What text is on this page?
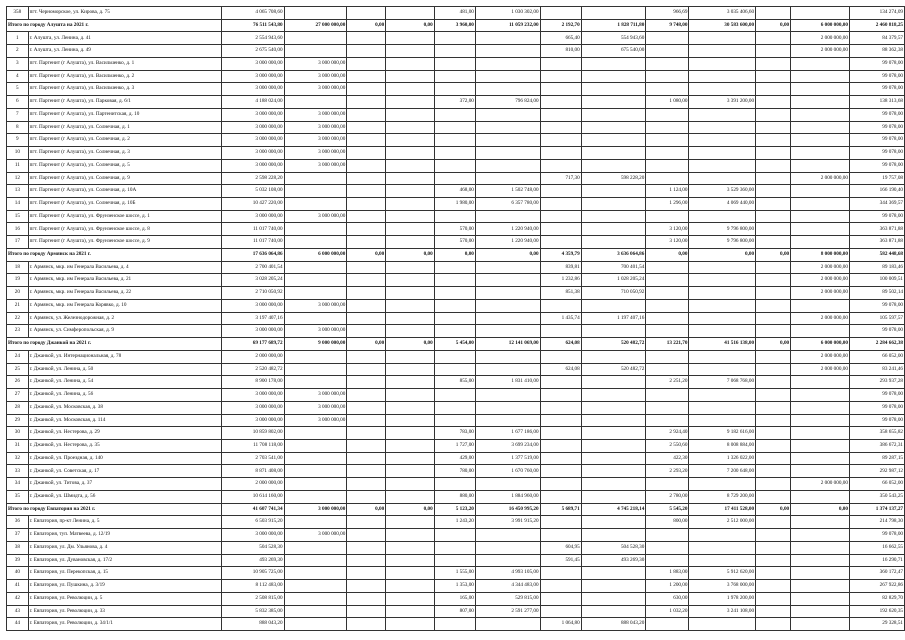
358	пгт. Черноморское, ул. Кирова, д. 75	4 065 708,60				481,00	1 030 302,00			966,69	3 035 406,60			134 274,09
Итого по городу Алушта на 2021 г.		76 511 543,80	27 000 000,00	0,00	0,00	3 960,00	11 059 232,00	2 192,70	1 828 711,80	9 748,00	30 583 600,00	0,00	6 000 000,00	2 460 818,25
1	г. Алушта, ул. Ленина, д. 41	2 554 943,60						665,40	554 943,60				2 000 000,00	84 379,57
2	г. Алушта, ул. Ленина, д. 49	2 675 540,00						810,00	675 540,00				2 000 000,00	88 362,38
3	пгт. Партенит (г Алушта), ул. Васильченко, д. 1	3 000 000,00	3 000 000,00											99 078,00
4	пгт. Партенит (г Алушта), ул. Васильченко, д. 2	3 000 000,00	3 000 000,00											99 078,00
5	пгт. Партенит (г Алушта), ул. Васильченко, д. 3	3 000 000,00	3 000 000,00											99 078,00
6	пгт. Партенит (г Алушта), ул. Парковая, д. 6/1	4 188 024,00				372,00	796 824,00			1 080,00	3 391 200,00			138 313,68
7	пгт. Партенит (г Алушта), ул. Партенитская, д. 10	3 000 000,00	3 000 000,00											99 078,00
8	пгт. Партенит (г Алушта), ул. Солнечная, д. 1	3 000 000,00	3 000 000,00											99 078,00
9	пгт. Партенит (г Алушта), ул. Солнечная, д. 2	3 000 000,00	3 000 000,00											99 078,00
10	пгт. Партенит (г Алушта), ул. Солнечная, д. 3	3 000 000,00	3 000 000,00											99 078,00
11	пгт. Партенит (г Алушта), ул. Солнечная, д. 5	3 000 000,00	3 000 000,00											99 078,00
12	пгт. Партенит (г Алушта), ул. Солнечная, д. 9	2 598 228,20						717,30	598 228,20				2 000 000,00	19 757,08
13	пгт. Партенит (г Алушта), ул. Солнечная, д. 10А	5 032 108,00				468,00	1 502 748,00			1 124,00	3 529 360,00			166 190,40
14	пгт. Партенит (г Алушта), ул. Солнечная, д. 10Б	10 427 220,00				1 980,00	6 357 780,00			1 296,00	4 069 440,00			344 369,57
15	пгт. Партенит (г Алушта), ул. Фрунзенское шоссе, д. 1	3 000 000,00	3 000 000,00											99 078,00
16	пгт. Партенит (г Алушта), ул. Фрунзенское шоссе, д. 8	11 017 740,00				570,00	1 220 940,00			3 120,00	9 796 800,00			363 871,88
17	пгт. Партенит (г Алушта), ул. Фрунзенское шоссе, д. 9	11 017 740,00				570,00	1 220 940,00			3 120,00	9 796 800,00			363 871,88
Итого по городу Армянск на 2021 г.		17 636 064,86	6 000 000,00	0,00	0,00	0,00	0,00	4 359,79	3 636 064,86	0,00	0,00	0,00	8 000 000,00	582 448,68
18	г. Армянск, мкр. им Генерала Васильева, д. 4	2 700 401,54						839,81	700 401,54				2 000 000,00	89 183,46
19	г. Армянск, мкр. им Генерала Васильева, д. 21	3 028 205,24						1 232,86	1 028 205,24				2 000 000,00	100 009,51
20	г. Армянск, мкр. им Генерала Васильева, д. 22	2 710 050,92						851,38	710 050,92				2 000 000,00	89 502,14
21	г. Армянск, мкр. им Генерала Корявко, д. 10	3 000 000,00	3 000 000,00											99 078,00
22	г. Армянск, ул. Железнодорожная, д. 2	3 197 407,16						1 435,74	1 197 407,16				2 000 000,00	105 597,57
23	г. Армянск, ул. Симферопольская, д. 9	3 000 000,00	3 000 000,00											99 078,00
Итого по городу Джанкой на 2021 г.		69 177 689,72	9 000 000,00	0,00	0,00	5 454,00	12 141 069,00	624,08	520 482,72	13 221,70	41 516 138,00	0,00	6 000 000,00	2 284 662,38
24	г. Джанкой, ул. Интернациональная, д. 78	2 000 000,00											2 000 000,00	66 052,00
25	г. Джанкой, ул. Ленина, д. 50	2 520 482,72						624,08	520 482,72				2 000 000,00	83 241,46
26	г. Джанкой, ул. Ленина, д. 54	8 900 178,00				855,00	1 831 410,00			2 251,20	7 068 768,00			293 937,28
27	г. Джанкой, ул. Ленина, д. 56	3 000 000,00	3 000 000,00											99 078,00
28	г. Джанкой, ул. Московская, д. 38	3 000 000,00	3 000 000,00											99 078,00
29	г. Джанкой, ул. Московская, д. 114	3 000 000,00	3 000 000,00											99 078,00
30	г. Джанкой, ул. Нестерова, д. 29	10 859 802,00				783,00	1 677 186,00			2 924,40	9 182 616,00			358 655,82
31	г. Джанкой, ул. Нестерова, д. 35	11 708 118,00				1 727,00	3 699 234,00			2 550,60	8 008 884,00			386 672,31
32	г. Джанкой, ул. Проездная, д. 140	2 703 541,00				429,00	1 377 519,00			422,30	1 326 022,00			89 287,15
33	г. Джанкой, ул. Советская, д. 17	8 871 408,00				780,00	1 670 760,00			2 293,20	7 200 648,00			292 987,12
34	г. Джанкой, ул. Титова, д. 37	2 000 000,00											2 000 000,00	66 052,00
35	г. Джанкой, ул. Шмидта, д. 56	10 614 160,00				880,00	1 884 960,00			2 780,00	8 729 200,00			350 543,25
Итого по городу Евпатория на 2021 г.		41 607 741,34	3 000 000,00	0,00	0,00	5 123,20	16 450 995,20	5 689,71	4 745 218,14	5 545,20	17 411 528,00	0,00	0,00	1 374 137,27
36	г. Евпатория, пр-кт Ленина, д. 5	6 503 915,20				1 243,20	3 991 915,20			800,00	2 512 000,00			214 798,30
37	г. Евпатория, туп. Матвеева, д. 12/19	3 000 000,00	3 000 000,00											99 078,00
38	г. Евпатория, ул. Дм. Ульянова, д. 4	504 528,30						604,95	504 528,30					16 662,55
39	г. Евпатория, ул. Дувановская, д. 17/2	493 269,30						591,45	493 269,30					16 290,71
40	г. Евпатория, ул. Перекопская, д. 15	10 905 725,00				1 555,00	4 993 105,00			1 883,00	5 912 620,00			360 172,47
41	г. Евпатория, ул. Пушкина, д. 3/19	8 112 483,00				1 353,00	4 344 483,00			1 200,00	3 768 000,00			267 922,86
42	г. Евпатория, ул. Революции, д. 5	2 508 815,00				165,00	529 815,00			630,00	1 978 200,00			82 829,70
43	г. Евпатория, ул. Революции, д. 33	5 832 385,00				807,00	2 591 277,00			1 032,20	3 241 108,00			192 620,35
44	г. Евпатория, ул. Революции, д. 34/1/1	888 043,20						1 064,80	888 043,20					29 328,51
